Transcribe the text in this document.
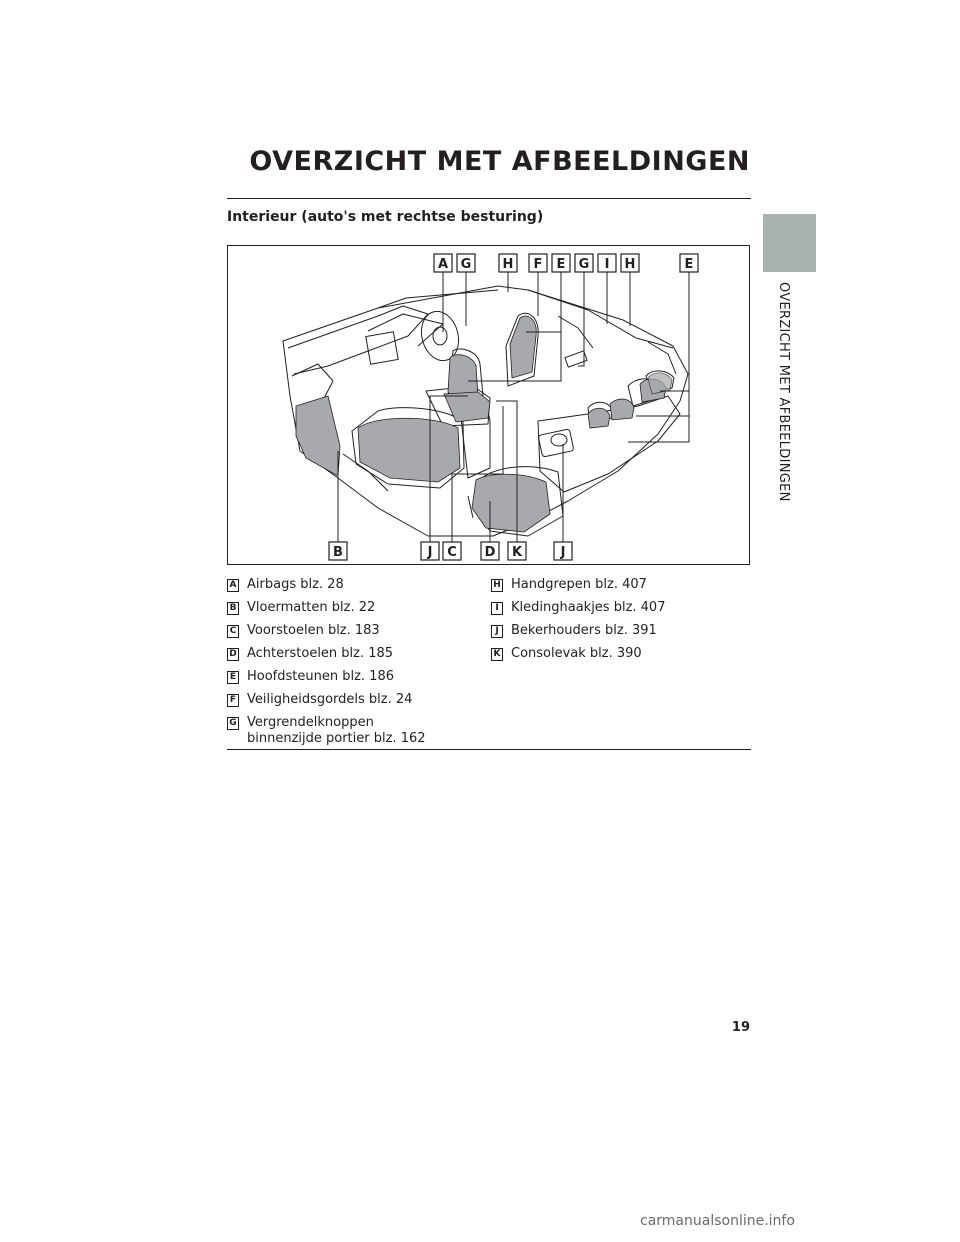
OVERZICHT MET AFBEELDINGEN
Interieur (auto's met rechtse besturing)
OVERZICHT MET AFBEELDINGEN
A G H F E G I H	E
B	J C D K	J
A Airbags blz. 28
B Vloermatten blz. 22
C Voorstoelen blz. 183
D Achterstoelen blz. 185
E Hoofdsteunen blz. 186
F Veiligheidsgordels blz. 24
G Vergrendelknoppen binnenzijde portier blz. 162
H Handgrepen blz. 407
I Kledinghaakjes blz. 407
J Bekerhouders blz. 391
K Consolevak blz. 390
19
carmanualsonline.info
